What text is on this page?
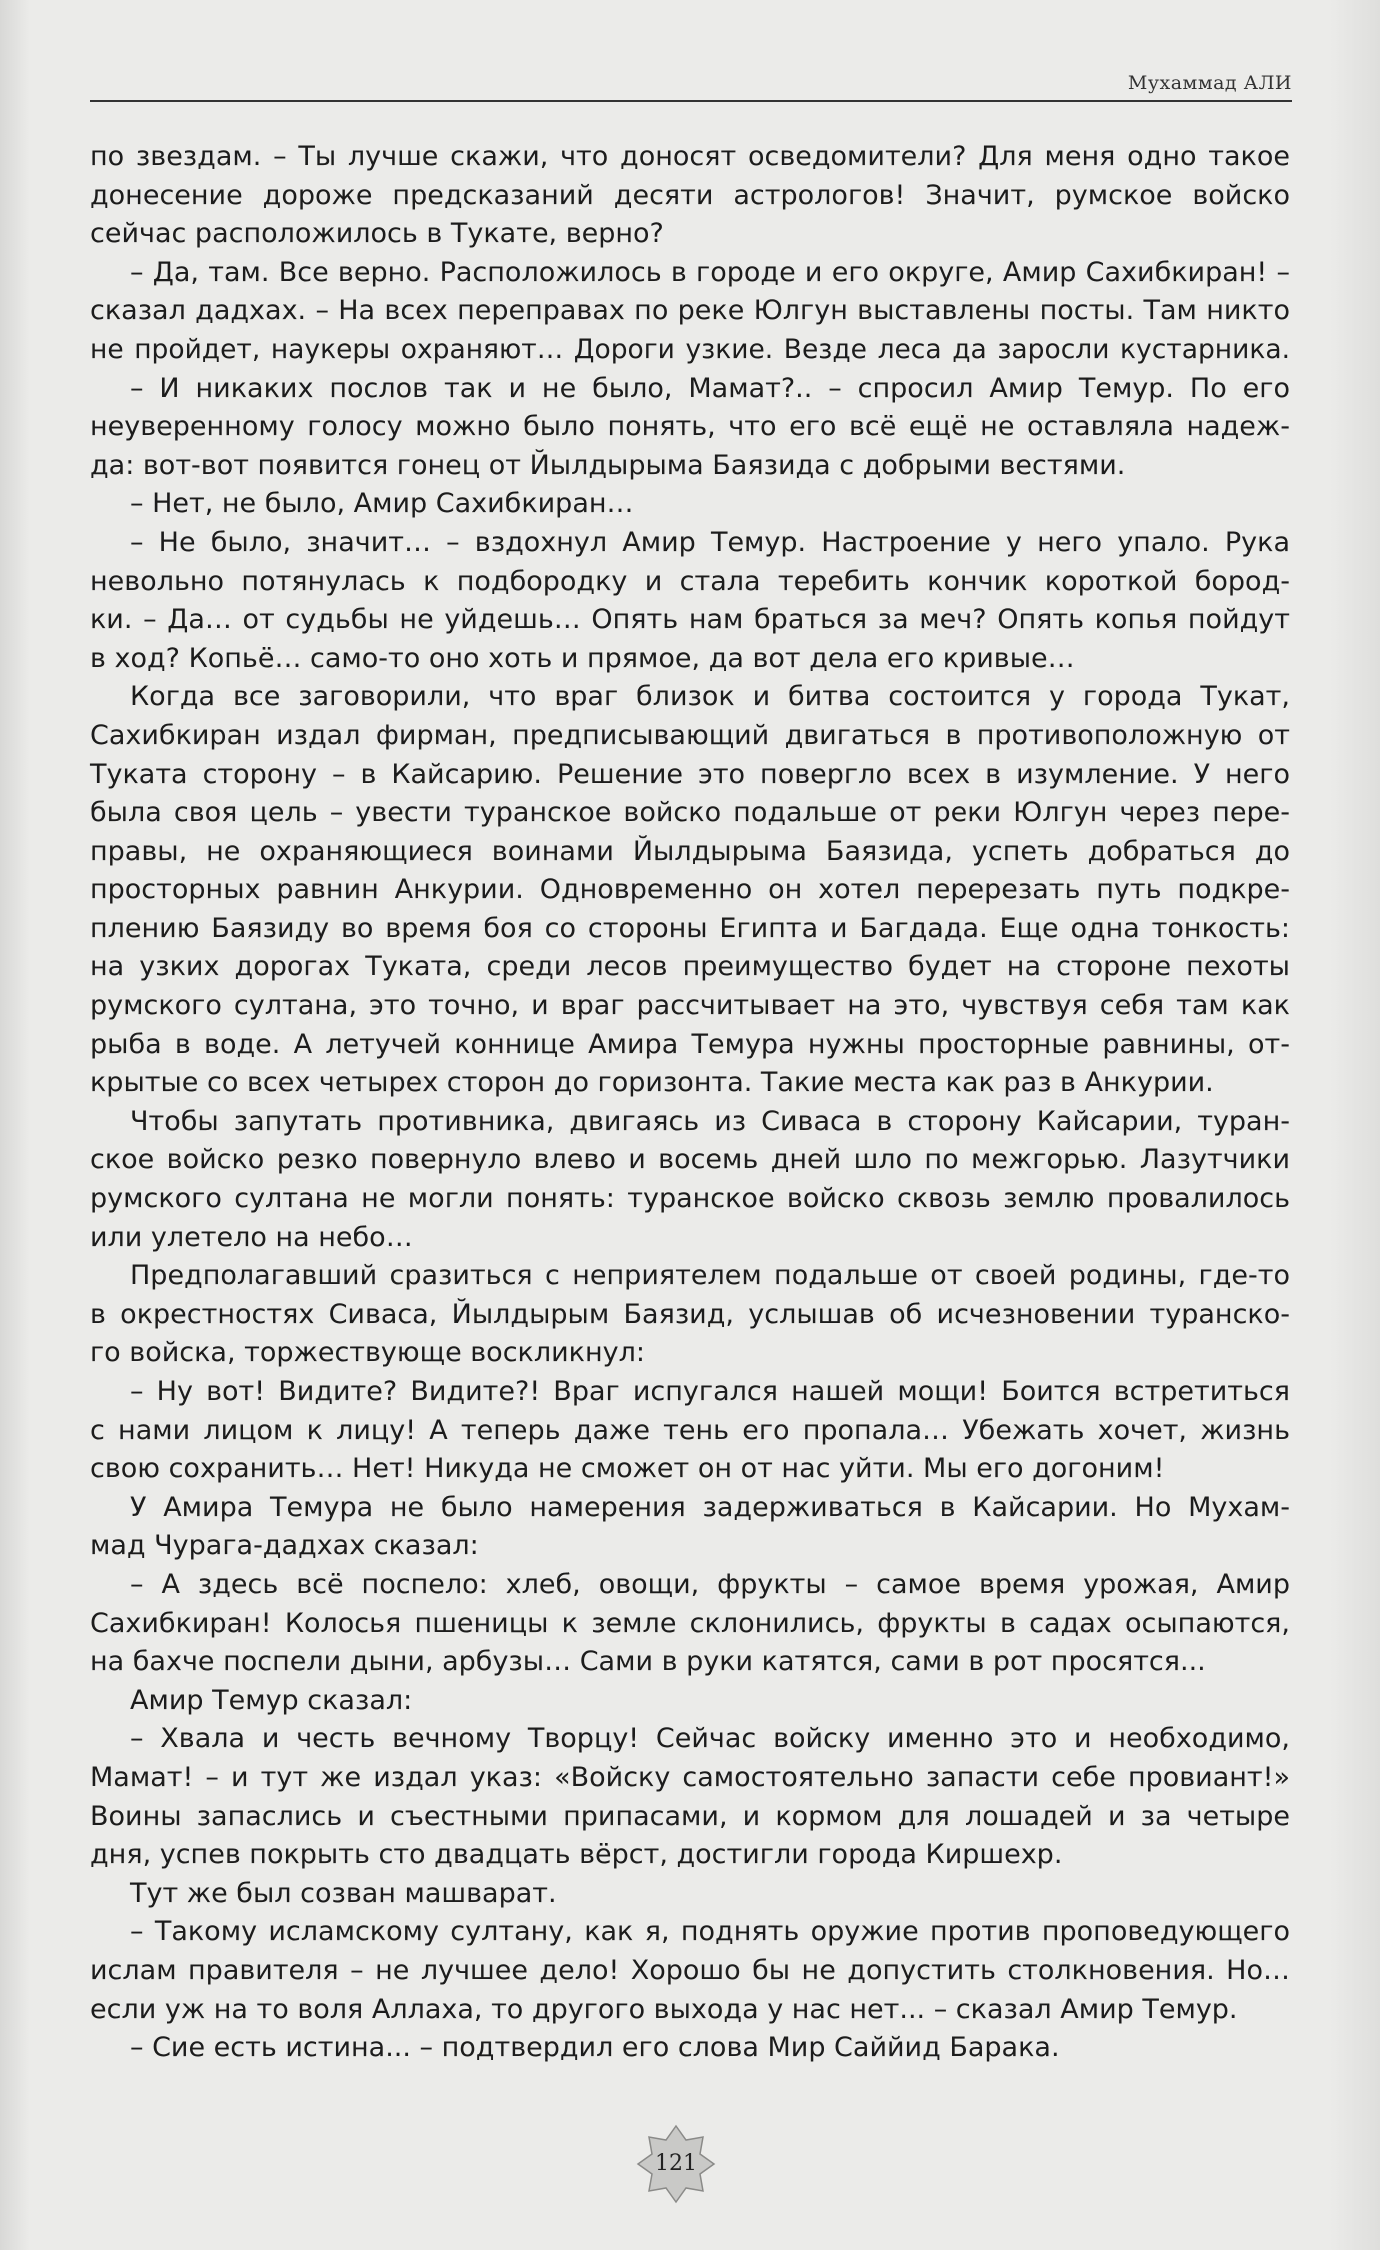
Мухаммад АЛИ
по звездам. – Ты лучше скажи, что доносят осведомители? Для меня одно такое
донесение дороже предсказаний десяти астрологов! Значит, румское войско
сейчас расположилось в Тукате, верно?
– Да, там. Все верно. Расположилось в городе и его округе, Амир Сахибкиран! –
сказал дадхах. – На всех переправах по реке Юлгун выставлены посты. Там никто
не пройдет, наукеры охраняют… Дороги узкие. Везде леса да заросли кустарника.
– И никаких послов так и не было, Мамат?.. – спросил Амир Темур. По его
неуверенному голосу можно было понять, что его всё ещё не оставляла надеж-
да: вот-вот появится гонец от Йылдырыма Баязида с добрыми вестями.
– Нет, не было, Амир Сахибкиран…
– Не было, значит… – вздохнул Амир Темур. Настроение у него упало. Рука
невольно потянулась к подбородку и стала теребить кончик короткой бород-
ки. – Да… от судьбы не уйдешь… Опять нам браться за меч? Опять копья пойдут
в ход? Копьё… само-то оно хоть и прямое, да вот дела его кривые…
Когда все заговорили, что враг близок и битва состоится у города Тукат,
Сахибкиран издал фирман, предписывающий двигаться в противоположную от
Туката сторону – в Кайсарию. Решение это повергло всех в изумление. У него
была своя цель – увести туранское войско подальше от реки Юлгун через пере-
правы, не охраняющиеся воинами Йылдырыма Баязида, успеть добраться до
просторных равнин Анкурии. Одновременно он хотел перерезать путь подкре-
плению Баязиду во время боя со стороны Египта и Багдада. Еще одна тонкость:
на узких дорогах Туката, среди лесов преимущество будет на стороне пехоты
румского султана, это точно, и враг рассчитывает на это, чувствуя себя там как
рыба в воде. А летучей коннице Амира Темура нужны просторные равнины, от-
крытые со всех четырех сторон до горизонта. Такие места как раз в Анкурии.
Чтобы запутать противника, двигаясь из Сиваса в сторону Кайсарии, туран-
ское войско резко повернуло влево и восемь дней шло по межгорью. Лазутчики
румского султана не могли понять: туранское войско сквозь землю провалилось
или улетело на небо…
Предполагавший сразиться с неприятелем подальше от своей родины, где-то
в окрестностях Сиваса, Йылдырым Баязид, услышав об исчезновении туранско-
го войска, торжествующе воскликнул:
– Ну вот! Видите? Видите?! Враг испугался нашей мощи! Боится встретиться
с нами лицом к лицу! А теперь даже тень его пропала… Убежать хочет, жизнь
свою сохранить… Нет! Никуда не сможет он от нас уйти. Мы его догоним!
У Амира Темура не было намерения задерживаться в Кайсарии. Но Мухам-
мад Чурага-дадхах сказал:
– А здесь всё поспело: хлеб, овощи, фрукты – самое время урожая, Амир
Сахибкиран! Колосья пшеницы к земле склонились, фрукты в садах осыпаются,
на бахче поспели дыни, арбузы… Сами в руки катятся, сами в рот просятся...
Амир Темур сказал:
– Хвала и честь вечному Творцу! Сейчас войску именно это и необходимо,
Мамат! – и тут же издал указ: «Войску самостоятельно запасти себе провиант!»
Воины запаслись и съестными припасами, и кормом для лошадей и за четыре
дня, успев покрыть сто двадцать вёрст, достигли города Киршехр.
Тут же был созван машварат.
– Такому исламскому султану, как я, поднять оружие против проповедующего
ислам правителя – не лучшее дело! Хорошо бы не допустить столкновения. Но…
если уж на то воля Аллаха, то другого выхода у нас нет... – сказал Амир Темур.
– Сие есть истина... – подтвердил его слова Мир Саййид Барака.
121
